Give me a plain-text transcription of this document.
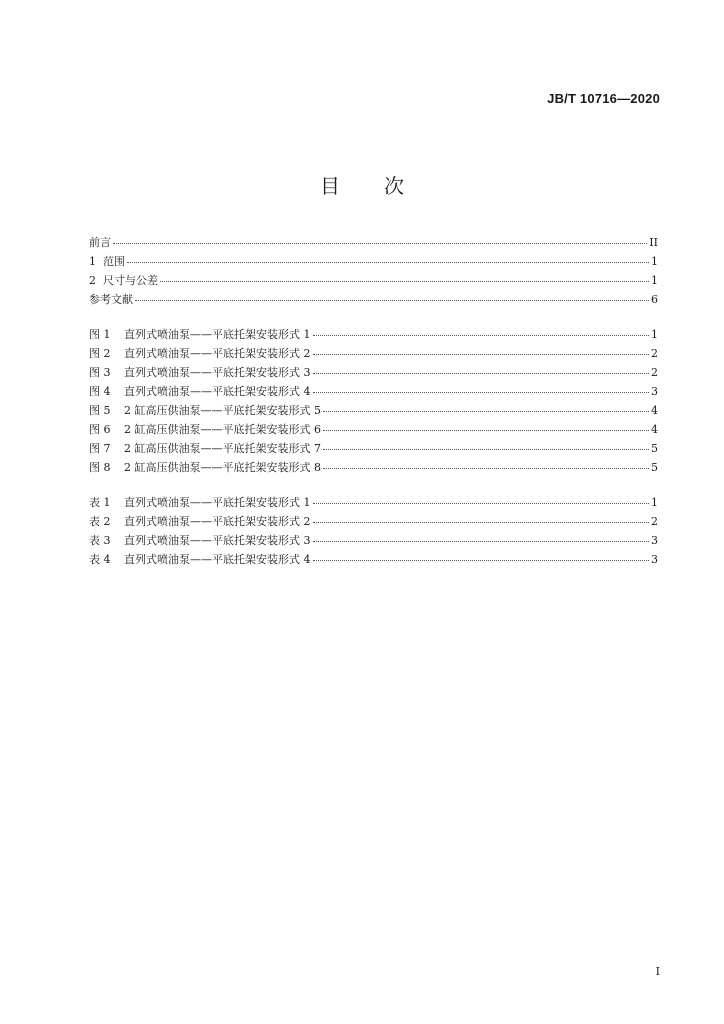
JB/T 10716—2020
目 次
前言	II
1 范围	1
2 尺寸与公差	1
参考文献	6
图 1 直列式喷油泵——平底托架安装形式 1	1
图 2 直列式喷油泵——平底托架安装形式 2	2
图 3 直列式喷油泵——平底托架安装形式 3	2
图 4 直列式喷油泵——平底托架安装形式 4	3
图 5 2 缸高压供油泵——平底托架安装形式 5	4
图 6 2 缸高压供油泵——平底托架安装形式 6	4
图 7 2 缸高压供油泵——平底托架安装形式 7	5
图 8 2 缸高压供油泵——平底托架安装形式 8	5
表 1 直列式喷油泵——平底托架安装形式 1	1
表 2 直列式喷油泵——平底托架安装形式 2	2
表 3 直列式喷油泵——平底托架安装形式 3	3
表 4 直列式喷油泵——平底托架安装形式 4	3
I
